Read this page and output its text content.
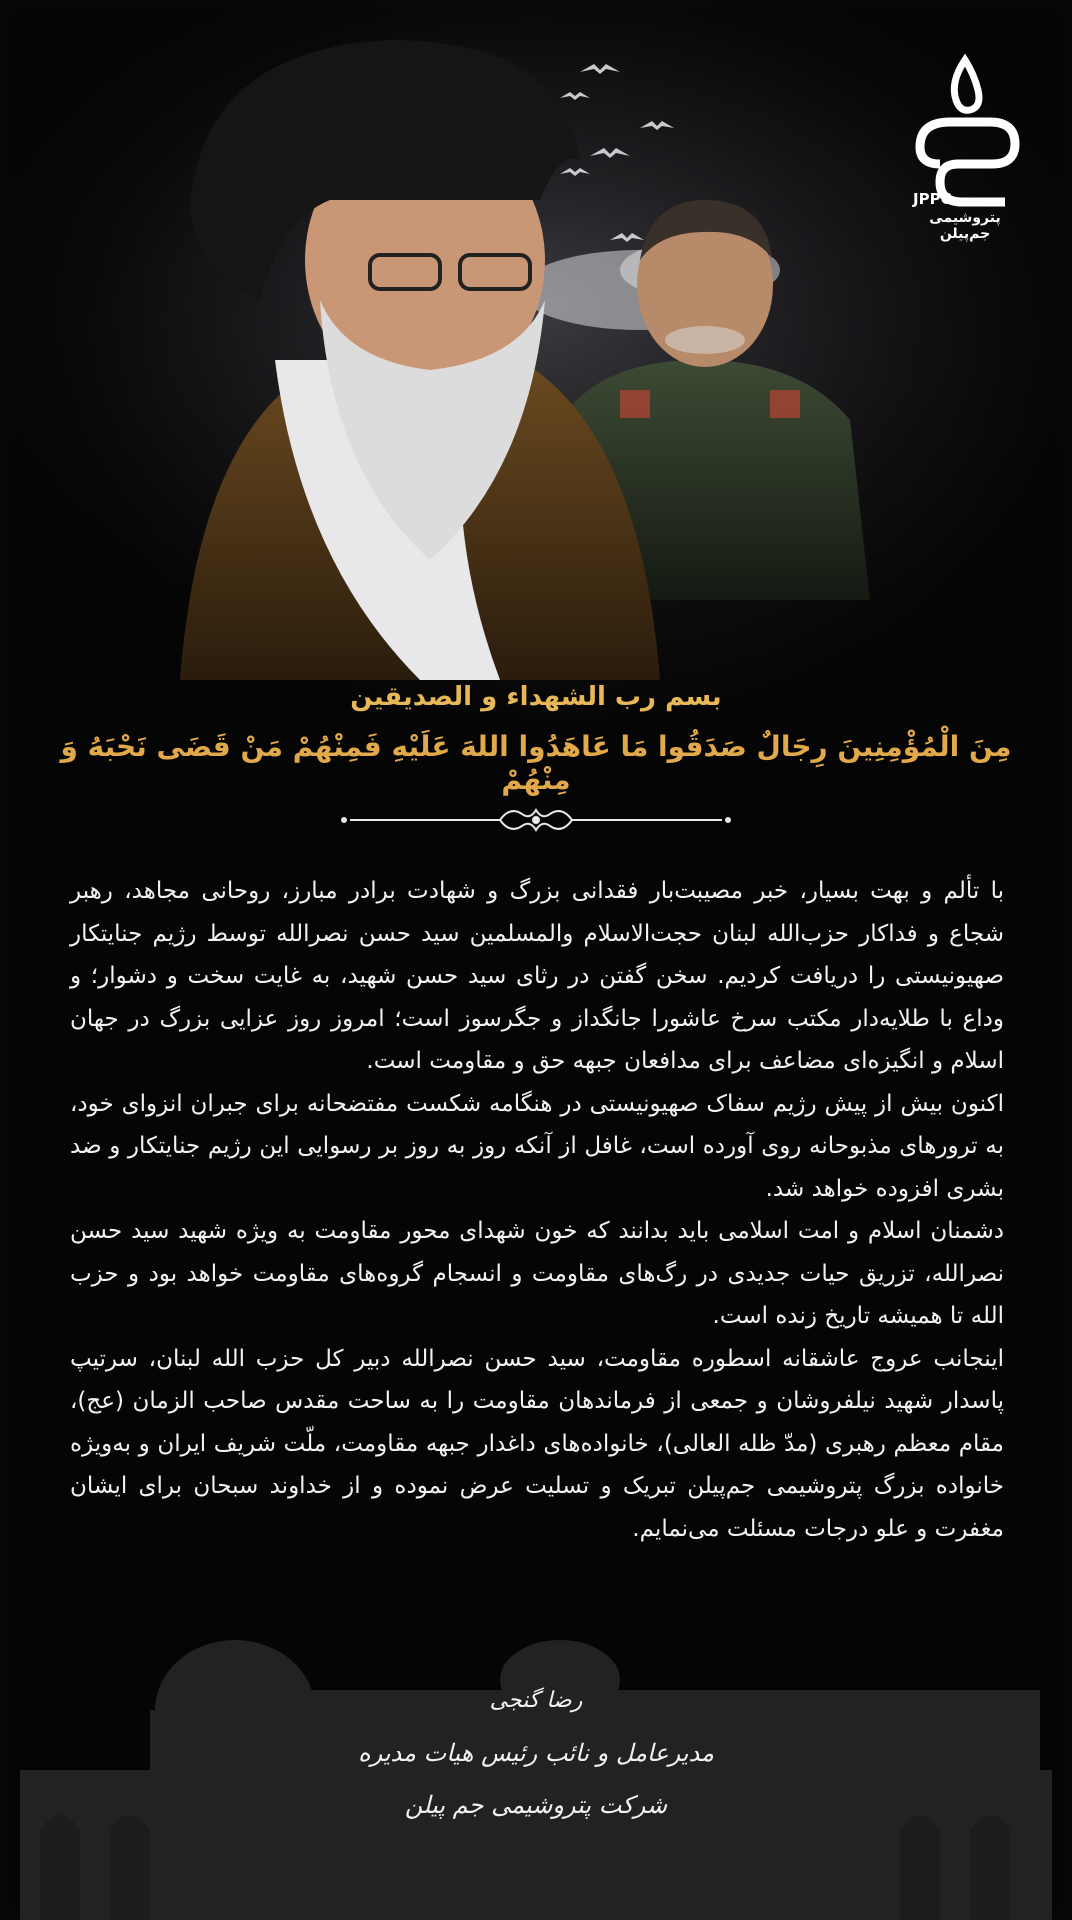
JPPC
پتروشیمی جم‌پیلن
بسم رب الشهداء و الصدیقین
مِنَ الْمُؤْمِنِينَ رِجَالٌ صَدَقُوا مَا عَاهَدُوا اللهَ عَلَيْهِ فَمِنْهُمْ مَنْ قَضَى نَحْبَهُ وَ مِنْهُمْ

با تألم و بهت بسیار، خبر مصیبت‌بار فقدانی بزرگ و شهادت برادر مبارز، روحانی مجاهد، رهبر شجاع و فداکار حزب‌الله لبنان حجت‌الاسلام والمسلمین سید حسن نصرالله توسط رژیم جنایتکار صهیونیستی را دریافت کردیم. سخن گفتن در رثای سید حسن شهید، به غایت سخت و دشوار؛ و وداع با طلایه‌دار مکتب سرخ عاشورا جانگداز و جگرسوز است؛ امروز روز عزایی بزرگ در جهان اسلام و انگیزه‌ای مضاعف برای مدافعان جبهه حق و مقاومت است.

اکنون بیش از پیش رژیم سفاک صهیونیستی در هنگامه شکست مفتضحانه برای جبران انزوای خود، به ترورهای مذبوحانه روی آورده است، غافل از آنکه روز به روز بر رسوایی این رژیم جنایتکار و ضد بشری افزوده خواهد شد.

دشمنان اسلام و امت اسلامی باید بدانند که خون شهدای محور مقاومت به ویژه شهید سید حسن نصرالله، تزریق حیات جدیدی در رگ‌های مقاومت و انسجام گروه‌های مقاومت خواهد بود و حزب الله تا همیشه تاریخ زنده است.

اینجانب عروج عاشقانه اسطوره مقاومت، سید حسن نصرالله دبیر کل حزب الله لبنان، سرتیپ پاسدار شهید نیلفروشان و جمعی از فرماندهان مقاومت را به ساحت مقدس صاحب الزمان (عج)، مقام معظم رهبری (مدّ ظله العالی)، خانواده‌های داغدار جبهه مقاومت، ملّت شریف ایران و به‌ویژه خانواده بزرگ پتروشیمی جم‌پیلن تبریک و تسلیت عرض نموده و از خداوند سبحان برای ایشان مغفرت و علو درجات مسئلت می‌نمایم.

رضا گنجی
مدیرعامل و نائب رئیس هیات مدیره
شرکت پتروشیمی جم پیلن
